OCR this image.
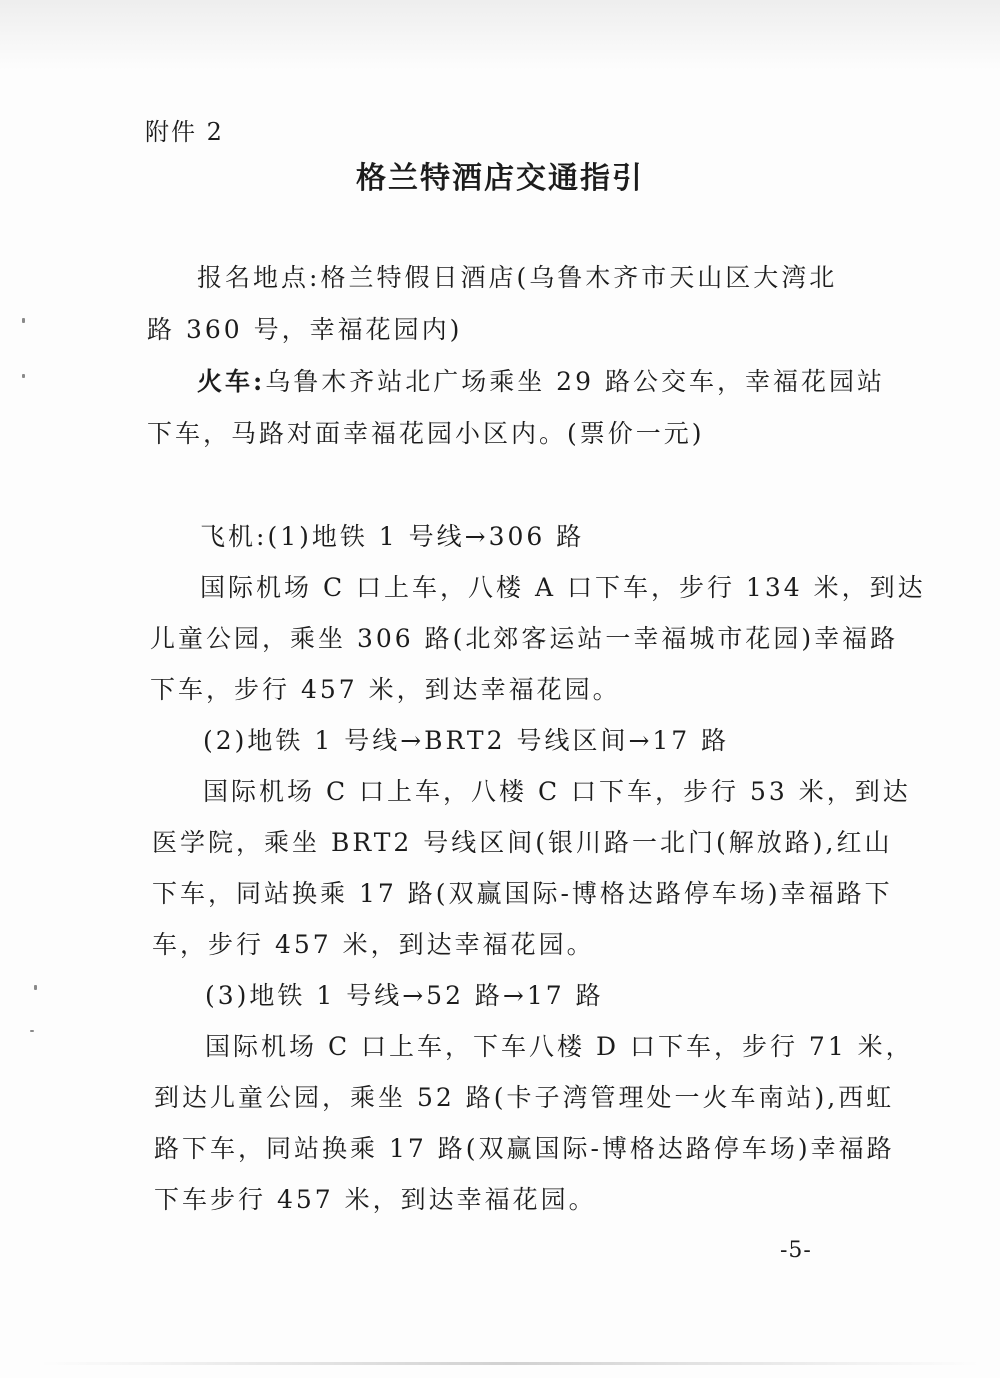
附件 2
格兰特酒店交通指引
报名地点:格兰特假日酒店(乌鲁木齐市天山区大湾北
路 360 号，幸福花园内)
火车:乌鲁木齐站北广场乘坐 29 路公交车，幸福花园站
下车，马路对面幸福花园小区内。(票价一元)
飞机:(1)地铁 1 号线→306 路
国际机场 C 口上车，八楼 A 口下车，步行 134 米，到达
儿童公园，乘坐 306 路(北郊客运站一幸福城市花园)幸福路
下车，步行 457 米，到达幸福花园。
(2)地铁 1 号线→BRT2 号线区间→17 路
国际机场 C 口上车，八楼 C 口下车，步行 53 米，到达
医学院，乘坐 BRT2 号线区间(银川路一北门(解放路),红山
下车，同站换乘 17 路(双赢国际-博格达路停车场)幸福路下
车，步行 457 米，到达幸福花园。
(3)地铁 1 号线→52 路→17 路
国际机场 C 口上车，下车八楼 D 口下车，步行 71 米，
到达儿童公园，乘坐 52 路(卡子湾管理处一火车南站),西虹
路下车，同站换乘 17 路(双赢国际-博格达路停车场)幸福路
下车步行 457 米，到达幸福花园。
-5-
